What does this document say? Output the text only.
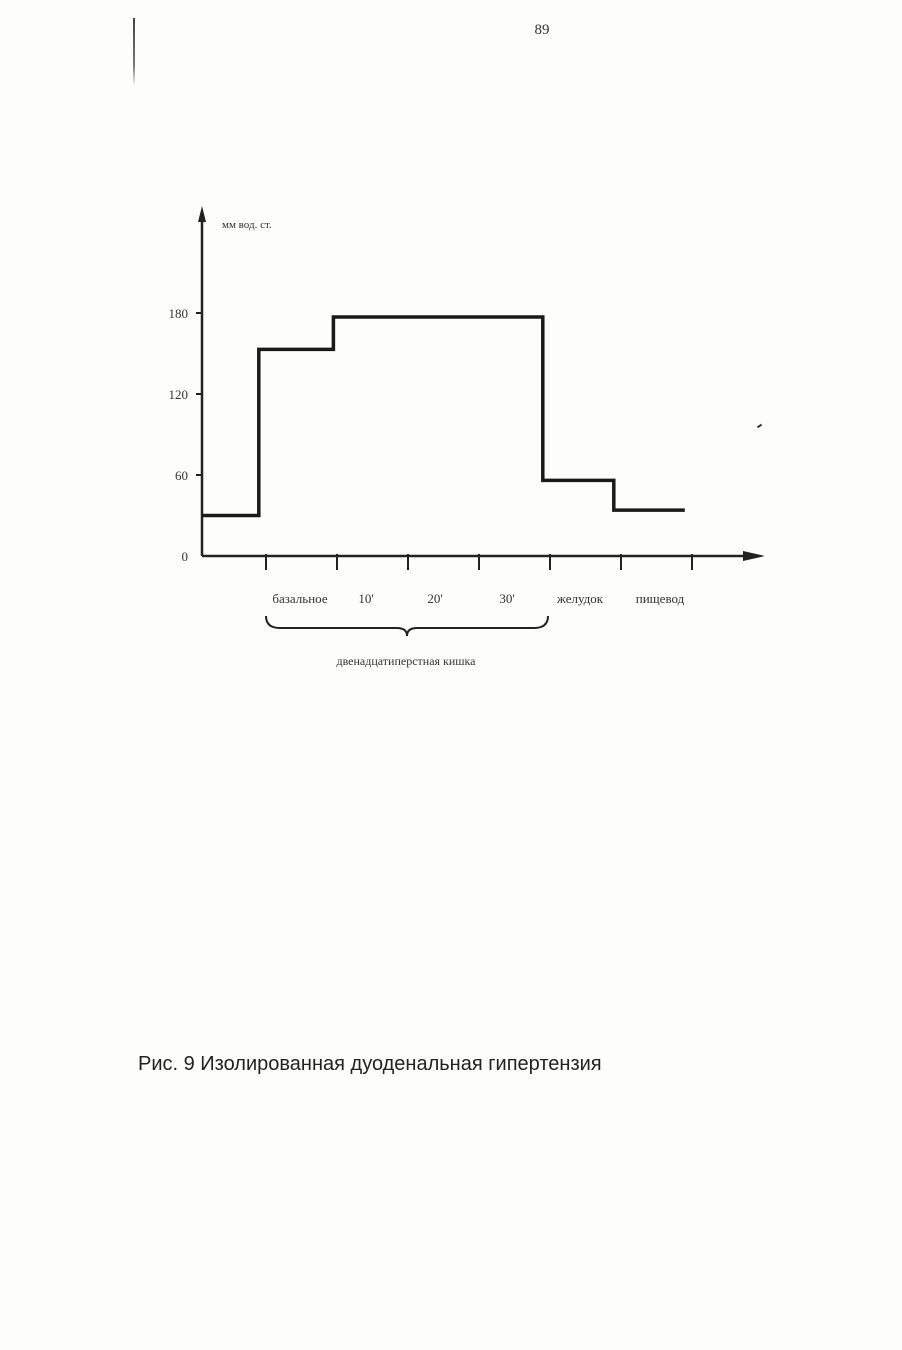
89
мм вод. ст.
0
60
120
180
базальное 10'	20'	30'	желудок	пищевод
двенадцатиперстная кишка
Рис. 9 Изолированная дуоденальная гипертензия
